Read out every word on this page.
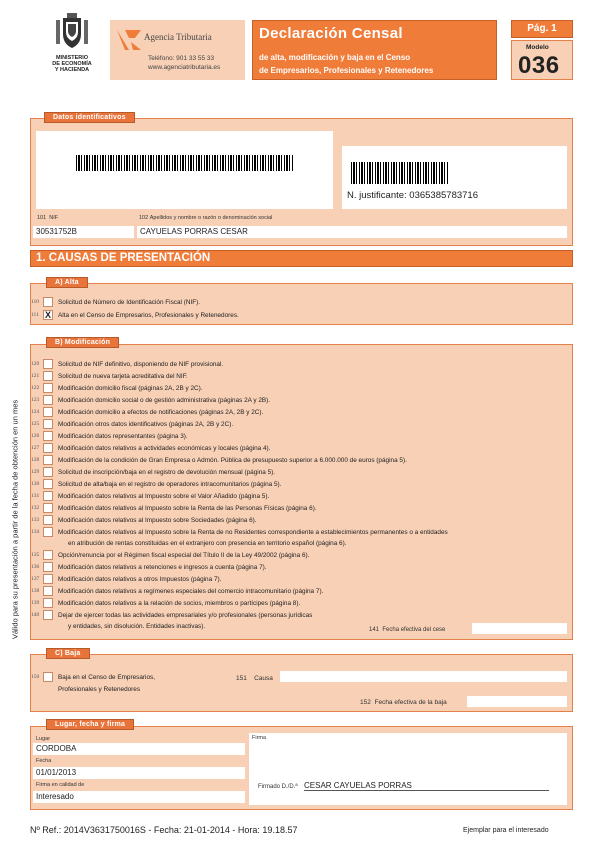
MINISTERIO
DE ECONOMÍA
Y HACIENDA
Agencia Tributaria
Teléfono: 901 33 55 33
www.agenciatributaria.es
Declaración Censal
de alta, modificación y baja en el Censo
de Empresarios, Profesionales y Retenedores
Pág. 1
Modelo
036
Datos identificativos
N. justificante: 0365385783716
101 NIF
30531752B
102 Apellidos y nombre o razón o denominación social
CAYUELAS PORRAS CESAR
1. CAUSAS DE PRESENTACIÓN
Válido para su presentación a partir de la fecha de obtención en un mes
A) Alta
110	Solicitud de Número de Identificación Fiscal (NIF).
111 X	Alta en el Censo de Empresarios, Profesionales y Retenedores.
B) Modificación
120	Solicitud de NIF definitivo, disponiendo de NIF provisional.
121	Solicitud de nueva tarjeta acreditativa del NIF.
122	Modificación domicilio fiscal (páginas 2A, 2B y 2C).
123	Modificación domicilio social o de gestión administrativa (páginas 2A y 2B).
124	Modificación domicilio a efectos de notificaciones (páginas 2A, 2B y 2C).
125	Modificación otros datos identificativos (páginas 2A, 2B y 2C).
126	Modificación datos representantes (página 3).
127	Modificación datos relativos a actividades económicas y locales (página 4).
128	Modificación de la condición de Gran Empresa o Admón. Pública de presupuesto superior a 6.000.000 de euros (página 5).
129	Solicitud de inscripción/baja en el registro de devolución mensual (página 5).
130	Solicitud de alta/baja en el registro de operadores intracomunitarios (página 5).
131	Modificación datos relativos al Impuesto sobre el Valor Añadido (página 5).
132	Modificación datos relativos al Impuesto sobre la Renta de las Personas Físicas (página 6).
133	Modificación datos relativos al Impuesto sobre Sociedades (página 6).
134	Modificación datos relativos al Impuesto sobre la Renta de no Residentes correspondiente a establecimientos permanentes o a entidades
en atribución de rentas constituidas en el extranjero con presencia en territorio español (página 6).
135	Opción/renuncia por el Régimen fiscal especial del Título II de la Ley 49/2002 (página 6).
136	Modificación datos relativos a retenciones e ingresos a cuenta (página 7).
137	Modificación datos relativos a otros Impuestos (página 7).
138	Modificación datos relativos a regímenes especiales del comercio intracomunitario (página 7).
139	Modificación datos relativos a la relación de socios, miembros o partícipes (página 8).
140	Dejar de ejercer todas las actividades empresariales y/o profesionales (personas jurídicas
y entidades, sin disolución. Entidades inactivas).	141 Fecha efectiva del cese
C) Baja
150	Baja en el Censo de Empresarios,
Profesionales y Retenedores
151 Causa
152 Fecha efectiva de la baja
Lugar, fecha y firma
Lugar
CORDOBA
Fecha
01/01/2013
Firma en calidad de
Interesado
Firma
Firmado D./D.ª CESAR CAYUELAS PORRAS
Nº Ref.: 2014V3631750016S - Fecha: 21-01-2014 - Hora: 19.18.57	Ejemplar para el interesado
